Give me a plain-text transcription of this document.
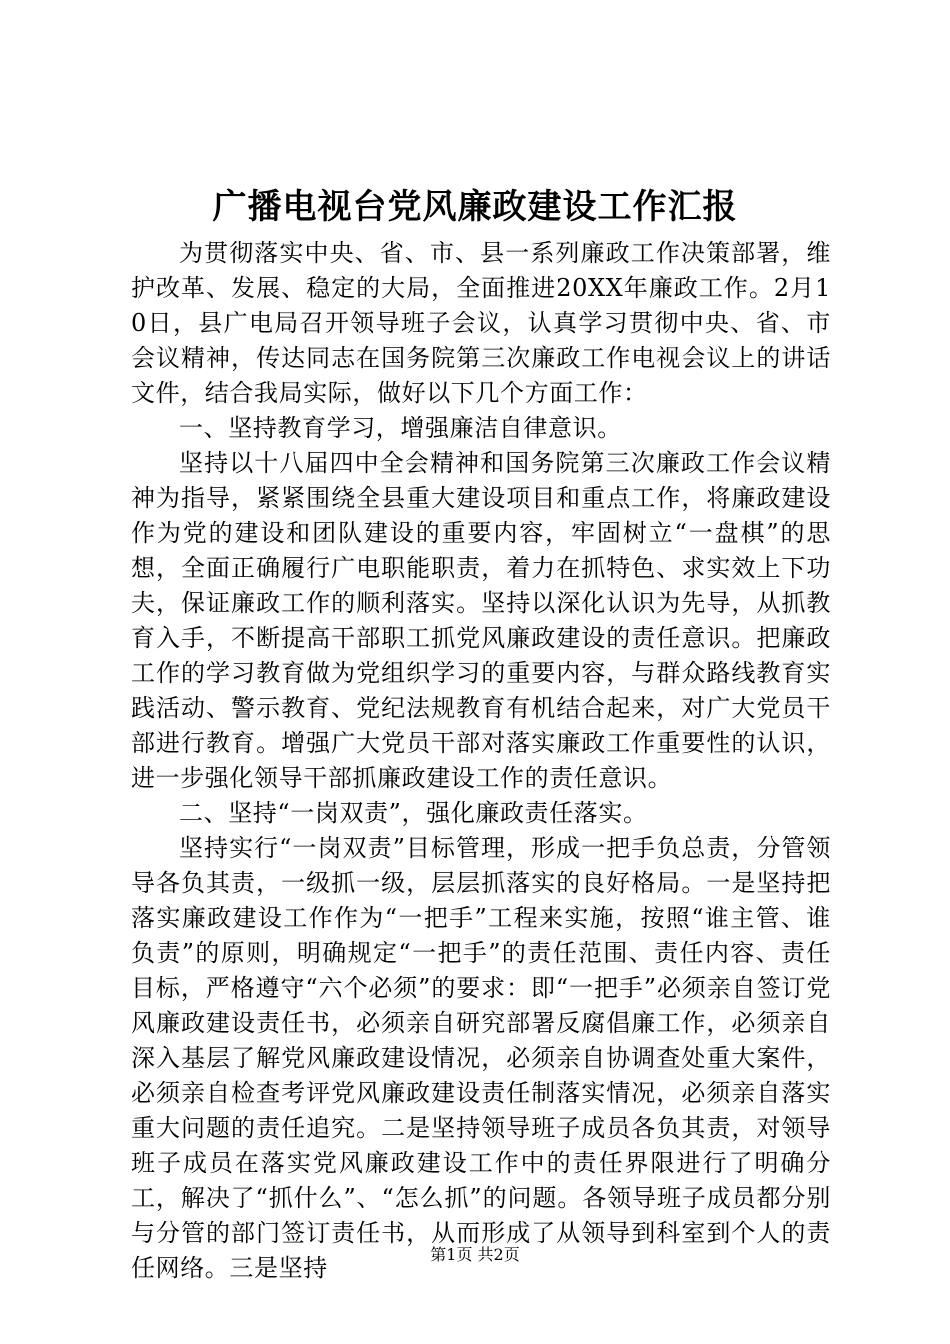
广播电视台党风廉政建设工作汇报

为贯彻落实中央、省、市、县一系列廉政工作决策部署，维护改革、发展、稳定的大局，全面推进20XX年廉政工作。2月10日，县广电局召开领导班子会议，认真学习贯彻中央、省、市会议精神，传达同志在国务院第三次廉政工作电视会议上的讲话文件，结合我局实际，做好以下几个方面工作：

一、坚持教育学习，增强廉洁自律意识。

坚持以十八届四中全会精神和国务院第三次廉政工作会议精神为指导，紧紧围绕全县重大建设项目和重点工作，将廉政建设作为党的建设和团队建设的重要内容，牢固树立“一盘棋”的思想，全面正确履行广电职能职责，着力在抓特色、求实效上下功夫，保证廉政工作的顺利落实。坚持以深化认识为先导，从抓教育入手，不断提高干部职工抓党风廉政建设的责任意识。把廉政工作的学习教育做为党组织学习的重要内容，与群众路线教育实践活动、警示教育、党纪法规教育有机结合起来，对广大党员干部进行教育。增强广大党员干部对落实廉政工作重要性的认识，进一步强化领导干部抓廉政建设工作的责任意识。

二、坚持“一岗双责”，强化廉政责任落实。

坚持实行“一岗双责”目标管理，形成一把手负总责，分管领导各负其责，一级抓一级，层层抓落实的良好格局。一是坚持把落实廉政建设工作作为“一把手”工程来实施，按照“谁主管、谁负责”的原则，明确规定“一把手”的责任范围、责任内容、责任目标，严格遵守“六个必须”的要求：即“一把手”必须亲自签订党风廉政建设责任书，必须亲自研究部署反腐倡廉工作，必须亲自深入基层了解党风廉政建设情况，必须亲自协调查处重大案件，必须亲自检查考评党风廉政建设责任制落实情况，必须亲自落实重大问题的责任追究。二是坚持领导班子成员各负其责，对领导班子成员在落实党风廉政建设工作中的责任界限进行了明确分工，解决了“抓什么”、“怎么抓”的问题。各领导班子成员都分别与分管的部门签订责任书，从而形成了从领导到科室到个人的责任网络。三是坚持	第1页 共2页
